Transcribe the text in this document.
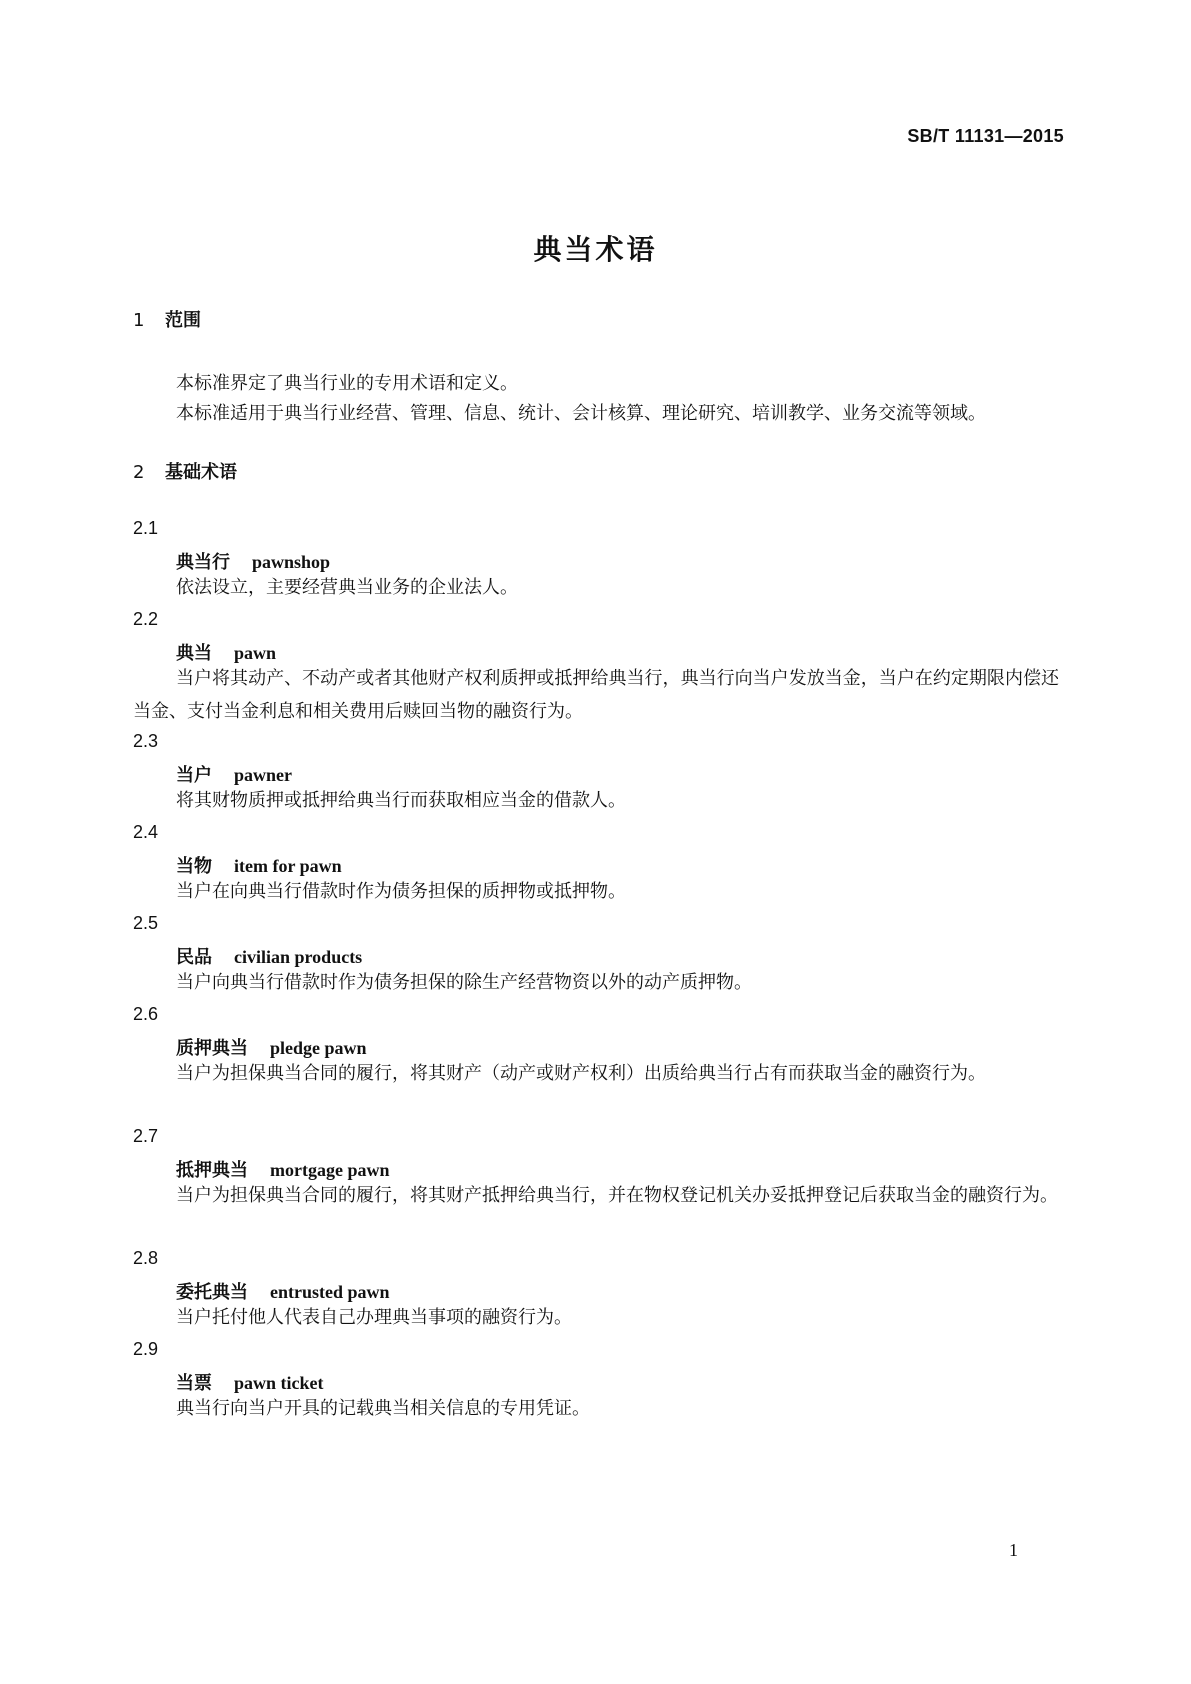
SB/T 11131—2015
典当术语
1 范围
本标准界定了典当行业的专用术语和定义。
本标准适用于典当行业经营、管理、信息、统计、会计核算、理论研究、培训教学、业务交流等领域。
2 基础术语
2.1
典当行 pawnshop
依法设立，主要经营典当业务的企业法人。
2.2
典当 pawn
当户将其动产、不动产或者其他财产权利质押或抵押给典当行，典当行向当户发放当金，当户在约定期限内偿还当金、支付当金利息和相关费用后赎回当物的融资行为。
2.3
当户 pawner
将其财物质押或抵押给典当行而获取相应当金的借款人。
2.4
当物 item for pawn
当户在向典当行借款时作为债务担保的质押物或抵押物。
2.5
民品 civilian products
当户向典当行借款时作为债务担保的除生产经营物资以外的动产质押物。
2.6
质押典当 pledge pawn
当户为担保典当合同的履行，将其财产（动产或财产权利）出质给典当行占有而获取当金的融资行为。
2.7
抵押典当 mortgage pawn
当户为担保典当合同的履行，将其财产抵押给典当行，并在物权登记机关办妥抵押登记后获取当金的融资行为。
2.8
委托典当 entrusted pawn
当户托付他人代表自己办理典当事项的融资行为。
2.9
当票 pawn ticket
典当行向当户开具的记载典当相关信息的专用凭证。
1
